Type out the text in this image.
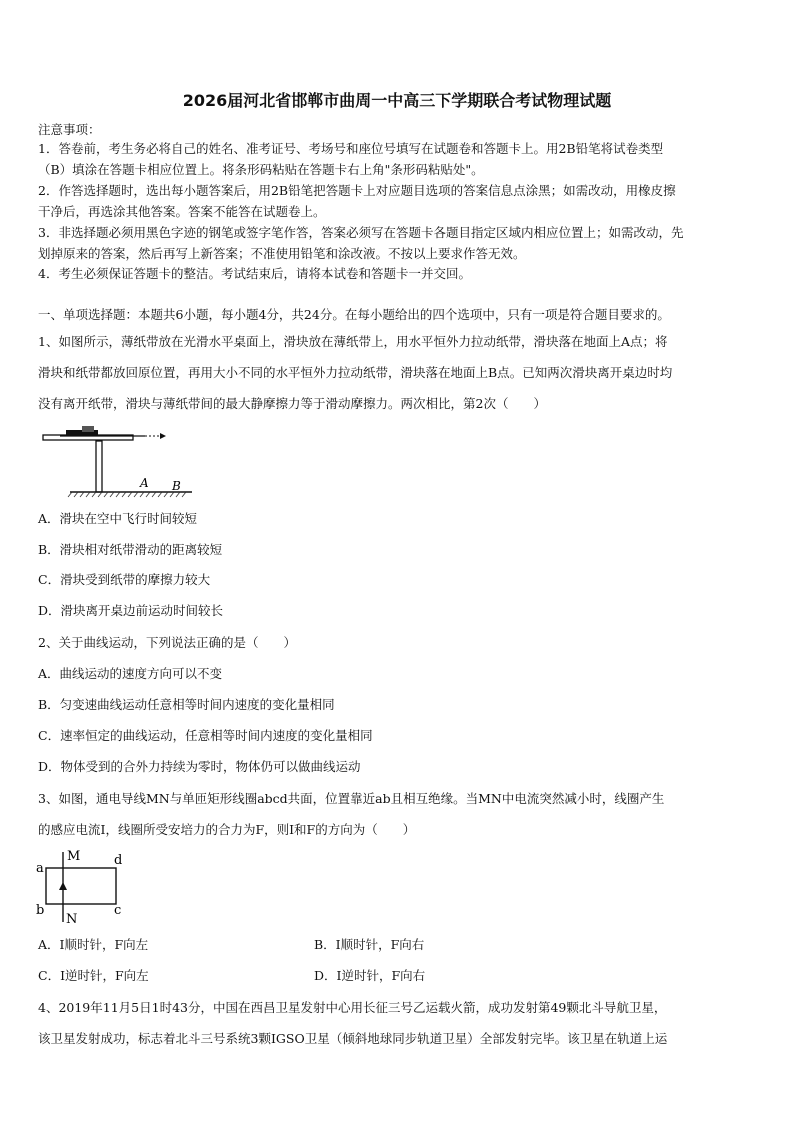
2026届河北省邯郸市曲周一中高三下学期联合考试物理试题
注意事项：
1．答卷前，考生务必将自己的姓名、准考证号、考场号和座位号填写在试题卷和答题卡上。用2B铅笔将试卷类型
（B）填涂在答题卡相应位置上。将条形码粘贴在答题卡右上角"条形码粘贴处"。
2．作答选择题时，选出每小题答案后，用2B铅笔把答题卡上对应题目选项的答案信息点涂黑；如需改动，用橡皮擦
干净后，再选涂其他答案。答案不能答在试题卷上。
3．非选择题必须用黑色字迹的钢笔或签字笔作答，答案必须写在答题卡各题目指定区域内相应位置上；如需改动，先
划掉原来的答案，然后再写上新答案；不准使用铅笔和涂改液。不按以上要求作答无效。
4．考生必须保证答题卡的整洁。考试结束后，请将本试卷和答题卡一并交回。
一、单项选择题：本题共6小题，每小题4分，共24分。在每小题给出的四个选项中，只有一项是符合题目要求的。
1、如图所示，薄纸带放在光滑水平桌面上，滑块放在薄纸带上，用水平恒外力拉动纸带，滑块落在地面上A点；将
滑块和纸带都放回原位置，再用大小不同的水平恒外力拉动纸带，滑块落在地面上B点。已知两次滑块离开桌边时均
没有离开纸带，滑块与薄纸带间的最大静摩擦力等于滑动摩擦力。两次相比，第2次（　　）
A B
A．滑块在空中飞行时间较短
B．滑块相对纸带滑动的距离较短
C．滑块受到纸带的摩擦力较大
D．滑块离开桌边前运动时间较长
2、关于曲线运动，下列说法正确的是（　　）
A．曲线运动的速度方向可以不变
B．匀变速曲线运动任意相等时间内速度的变化量相同
C．速率恒定的曲线运动，任意相等时间内速度的变化量相同
D．物体受到的合外力持续为零时，物体仍可以做曲线运动
3、如图，通电导线MN与单匝矩形线圈abcd共面，位置靠近ab且相互绝缘。当MN中电流突然减小时，线圈产生
的感应电流I，线圈所受安培力的合力为F，则I和F的方向为（　　）
M
N
a
b	c
d
A．I顺时针，F向左	B．I顺时针，F向右
C．I逆时针，F向左	D．I逆时针，F向右
4、2019年11月5日1时43分，中国在西昌卫星发射中心用长征三号乙运载火箭，成功发射第49颗北斗导航卫星，
该卫星发射成功，标志着北斗三号系统3颗IGSO卫星（倾斜地球同步轨道卫星）全部发射完毕。该卫星在轨道上运
